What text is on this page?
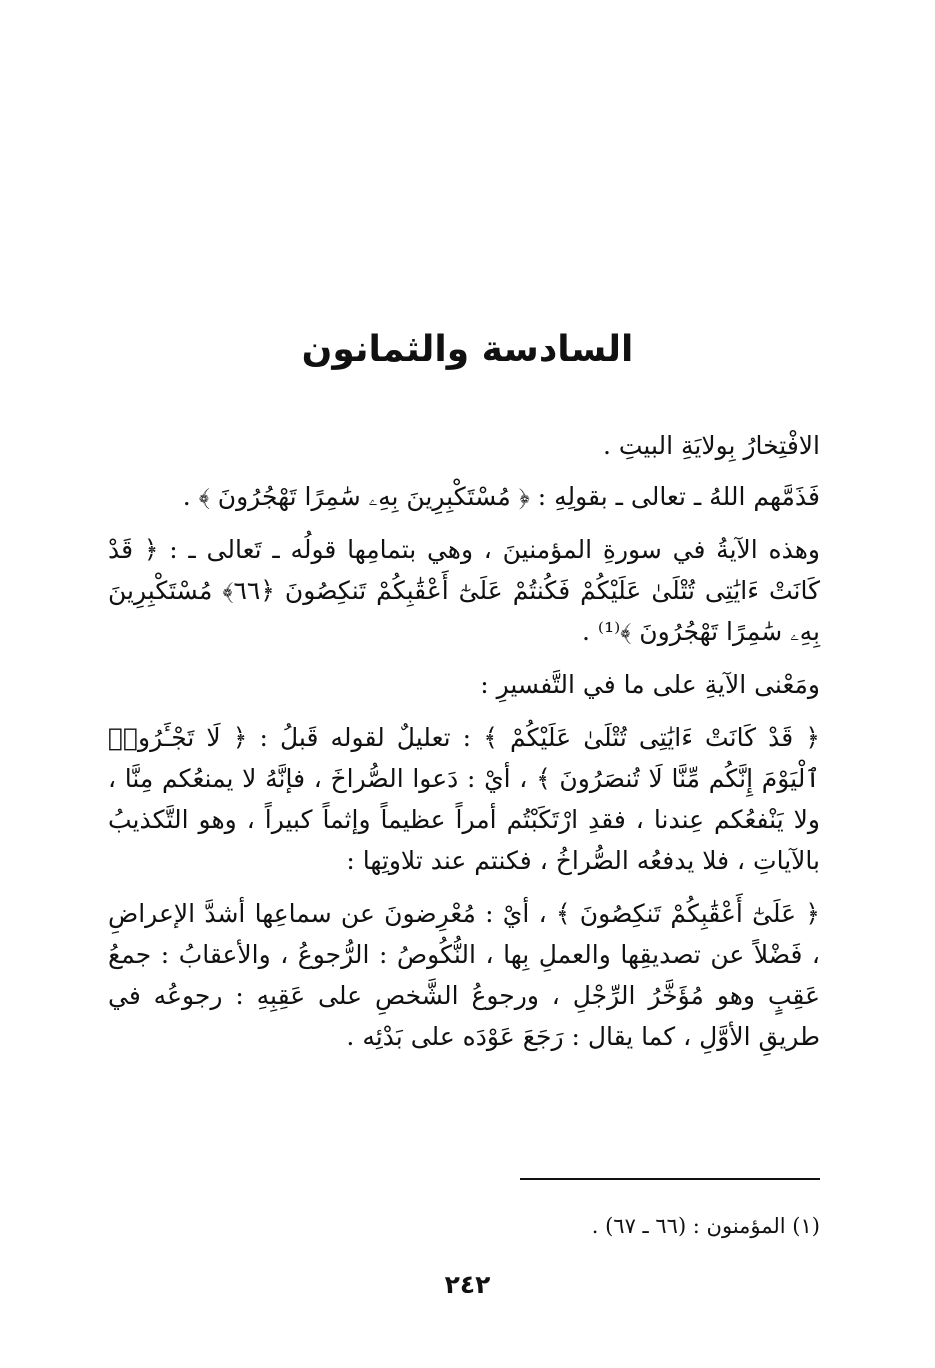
السادسة والثمانون

الافْتِخارُ بِولايَةِ البيتِ .

فَذَمَّهم اللهُ ـ تعالى ـ بقولِهِ : ﴿ مُسْتَكْبِرِينَ بِهِۦ سَٰمِرًا تَهْجُرُونَ ﴾ .

وهذه الآيةُ في سورةِ المؤمنينَ ، وهي بتمامِها قولُه ـ تَعالى ـ : ﴿ قَدْ كَانَتْ ءَايَٰتِى تُتْلَىٰ عَلَيْكُمْ فَكُنتُمْ عَلَىٰٓ أَعْقَٰبِكُمْ تَنكِصُونَ ﴿٦٦﴾ مُسْتَكْبِرِينَ بِهِۦ سَٰمِرًا تَهْجُرُونَ ﴾⁽¹⁾ .

ومَعْنى الآيةِ على ما في التَّفسيرِ :

﴿ قَدْ كَانَتْ ءَايَٰتِى تُتْلَىٰ عَلَيْكُمْ ﴾ : تعليلٌ لقوله قَبلُ : ﴿ لَا تَجْـَٔرُوا۟ ٱلْيَوْمَ إِنَّكُم مِّنَّا لَا تُنصَرُونَ ﴾ ، أيْ : دَعوا الصُّراخَ ، فإنَّهُ لا يمنعُكم مِنَّا ، ولا يَنْفعُكم عِندنا ، فقدِ ارْتَكَبْتُم أمراً عظيماً وإثماً كبيراً ، وهو التَّكذيبُ بالآياتِ ، فلا يدفعُه الصُّراخُ ، فكنتم عند تلاوتِها :

﴿ عَلَىٰٓ أَعْقَٰبِكُمْ تَنكِصُونَ ﴾ ، أيْ : مُعْرِضونَ عن سماعِها أشدَّ الإعراضِ ، فَضْلاً عن تصديقِها والعملِ بِها ، النُّكُوصُ : الرُّجوعُ ، والأعقابُ : جمعُ عَقِبٍ وهو مُؤَخَّرُ الرِّجْلِ ، ورجوعُ الشَّخصِ على عَقِبِهِ : رجوعُه في طريقِ الأوَّلِ ، كما يقال : رَجَعَ عَوْدَه على بَدْئِه .

(١) المؤمنون : (٦٦ ـ ٦٧) .
٢٤٢
